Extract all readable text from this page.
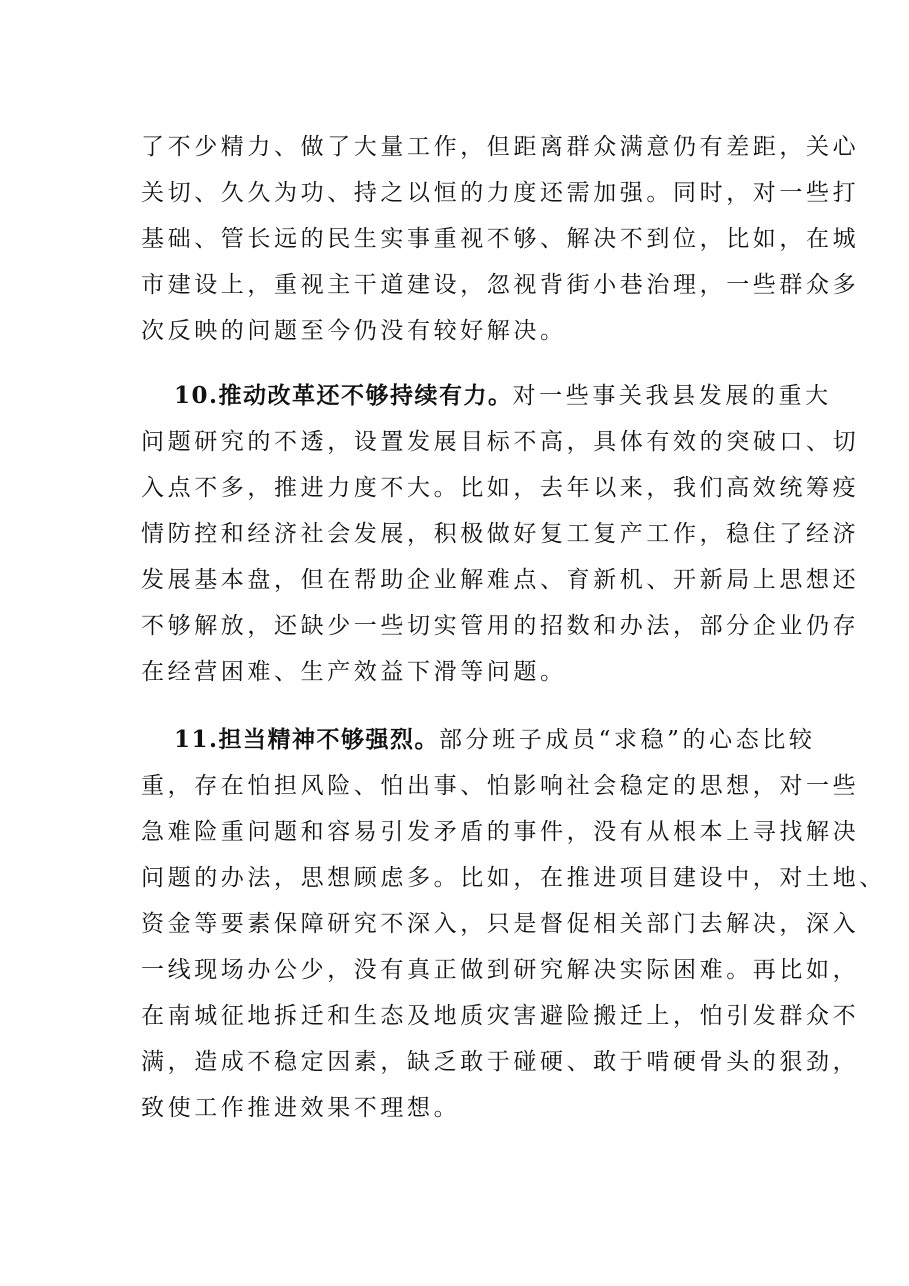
了不少精力、做了大量工作，但距离群众满意仍有差距，关心
关切、久久为功、持之以恒的力度还需加强。同时，对一些打
基础、管长远的民生实事重视不够、解决不到位，比如，在城
市建设上，重视主干道建设，忽视背街小巷治理，一些群众多
次反映的问题至今仍没有较好解决。
10.推动改革还不够持续有力。对一些事关我县发展的重大
问题研究的不透，设置发展目标不高，具体有效的突破口、切
入点不多，推进力度不大。比如，去年以来，我们高效统筹疫
情防控和经济社会发展，积极做好复工复产工作，稳住了经济
发展基本盘，但在帮助企业解难点、育新机、开新局上思想还
不够解放，还缺少一些切实管用的招数和办法，部分企业仍存
在经营困难、生产效益下滑等问题。
11.担当精神不够强烈。部分班子成员“求稳”的心态比较
重，存在怕担风险、怕出事、怕影响社会稳定的思想，对一些
急难险重问题和容易引发矛盾的事件，没有从根本上寻找解决
问题的办法，思想顾虑多。比如，在推进项目建设中，对土地、
资金等要素保障研究不深入，只是督促相关部门去解决，深入
一线现场办公少，没有真正做到研究解决实际困难。再比如，
在南城征地拆迁和生态及地质灾害避险搬迁上，怕引发群众不
满，造成不稳定因素，缺乏敢于碰硬、敢于啃硬骨头的狠劲，
致使工作推进效果不理想。
